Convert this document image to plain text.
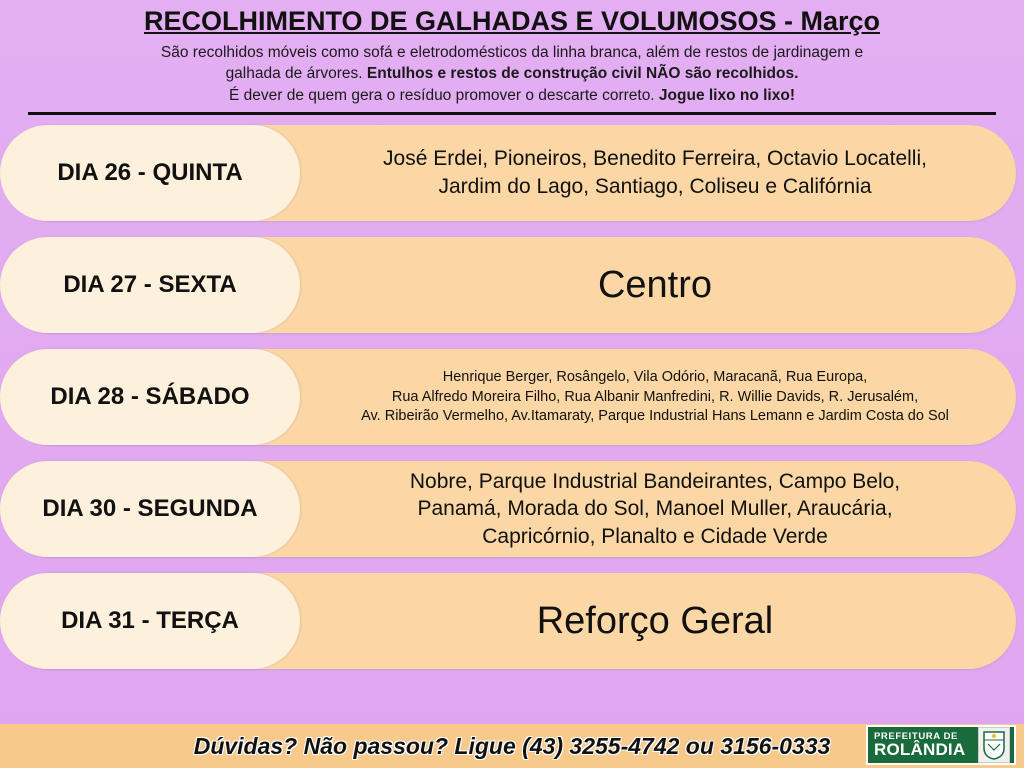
RECOLHIMENTO DE GALHADAS E VOLUMOSOS - Março
São recolhidos móveis como sofá e eletrodomésticos da linha branca, além de restos de jardinagem e
galhada de árvores. Entulhos e restos de construção civil NÃO são recolhidos.
É dever de quem gera o resíduo promover o descarte correto. Jogue lixo no lixo!
DIA 26 - QUINTA
José Erdei, Pioneiros, Benedito Ferreira, Octavio Locatelli,
Jardim do Lago, Santiago, Coliseu e Califórnia
DIA 27 - SEXTA	Centro
DIA 28 - SÁBADO
Henrique Berger, Rosângelo, Vila Odório, Maracanã, Rua Europa,
Rua Alfredo Moreira Filho, Rua Albanir Manfredini, R. Willie Davids, R. Jerusalém,
Av. Ribeirão Vermelho, Av.Itamaraty, Parque Industrial Hans Lemann e Jardim Costa do Sol
DIA 30 - SEGUNDA
Nobre, Parque Industrial Bandeirantes, Campo Belo,
Panamá, Morada do Sol, Manoel Muller, Araucária,
Capricórnio, Planalto e Cidade Verde
DIA 31 - TERÇA	Reforço Geral
Dúvidas? Não passou? Ligue (43) 3255-4742 ou 3156-0333	PREFEITURA DE
ROLÂNDIA
